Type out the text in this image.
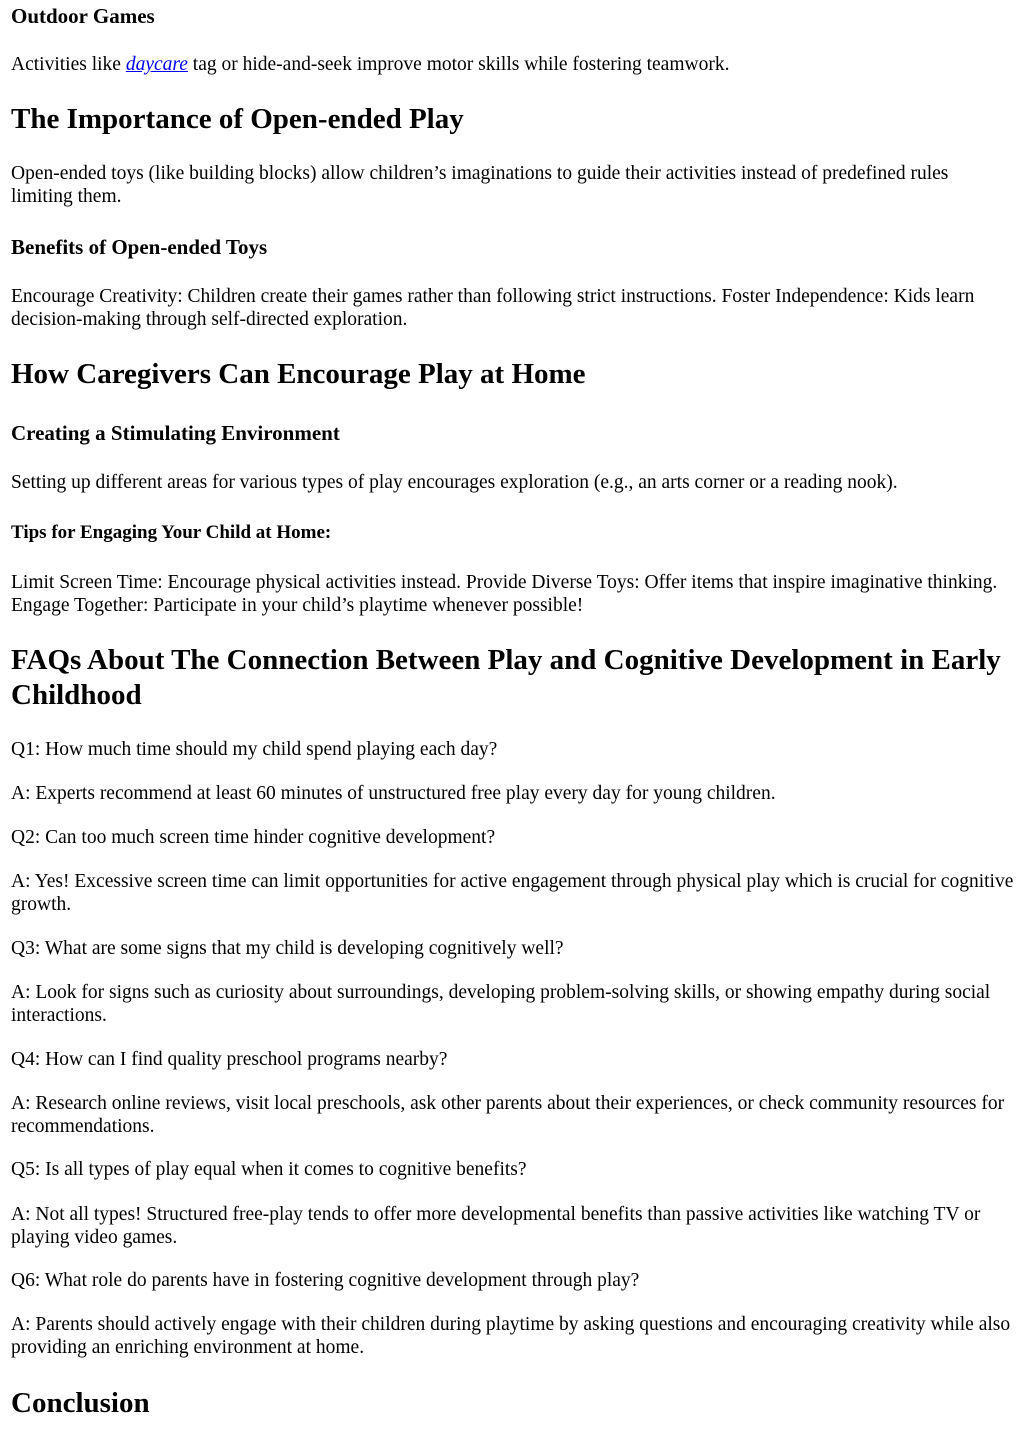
Outdoor Games

Activities like daycare tag or hide-and-seek improve motor skills while fostering teamwork.

The Importance of Open-ended Play

Open-ended toys (like building blocks) allow children’s imaginations to guide their activities instead of predefined rules limiting them.

Benefits of Open-ended Toys

Encourage Creativity: Children create their games rather than following strict instructions. Foster Independence: Kids learn decision-making through self-directed exploration.

How Caregivers Can Encourage Play at Home
Creating a Stimulating Environment

Setting up different areas for various types of play encourages exploration (e.g., an arts corner or a reading nook).

Tips for Engaging Your Child at Home:

Limit Screen Time: Encourage physical activities instead. Provide Diverse Toys: Offer items that inspire imaginative thinking. Engage Together: Participate in your child’s playtime whenever possible!

FAQs About The Connection Between Play and Cognitive Development in Early Childhood

Q1: How much time should my child spend playing each day?

A: Experts recommend at least 60 minutes of unstructured free play every day for young children.

Q2: Can too much screen time hinder cognitive development?

A: Yes! Excessive screen time can limit opportunities for active engagement through physical play which is crucial for cognitive growth.

Q3: What are some signs that my child is developing cognitively well?

A: Look for signs such as curiosity about surroundings, developing problem-solving skills, or showing empathy during social interactions.

Q4: How can I find quality preschool programs nearby?

A: Research online reviews, visit local preschools, ask other parents about their experiences, or check community resources for recommendations.

Q5: Is all types of play equal when it comes to cognitive benefits?

A: Not all types! Structured free-play tends to offer more developmental benefits than passive activities like watching TV or playing video games.

Q6: What role do parents have in fostering cognitive development through play?

A: Parents should actively engage with their children during playtime by asking questions and encouraging creativity while also providing an enriching environment at home.

Conclusion
